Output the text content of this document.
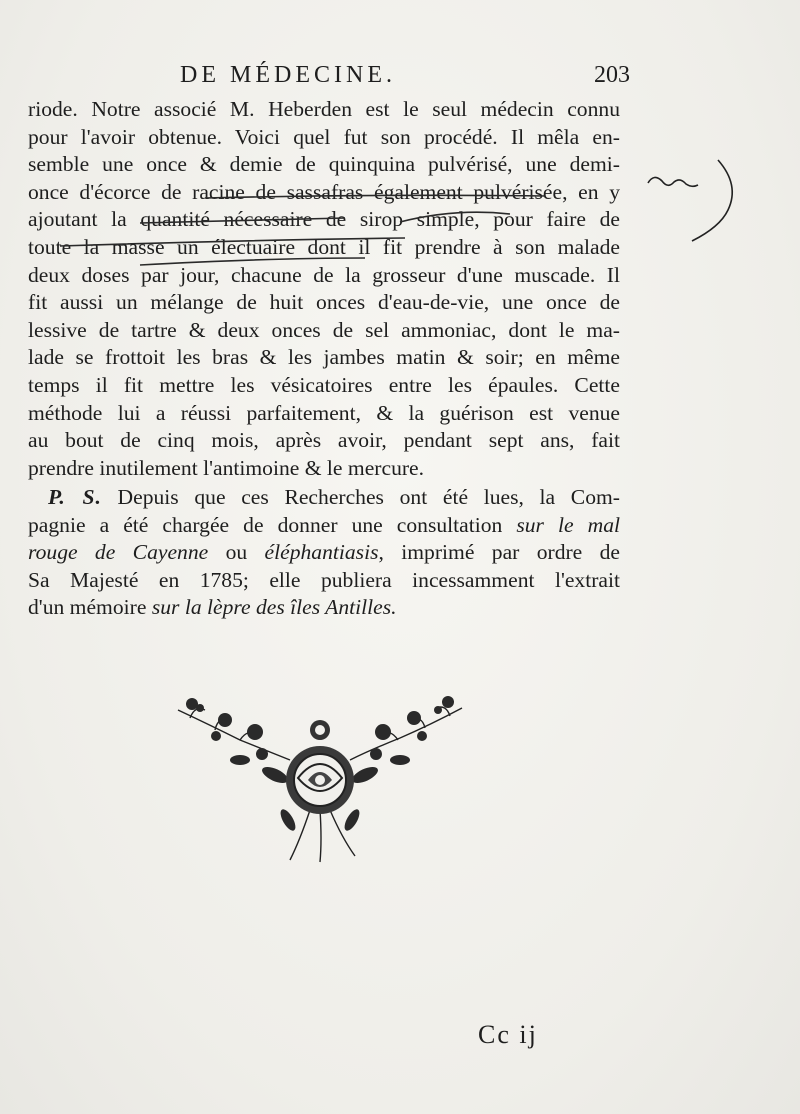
DE MÉDECINE.	203
riode. Notre associé M. Heberden est le seul médecin connu
pour l'avoir obtenue. Voici quel fut son procédé. Il mêla en-
semble une once & demie de quinquina pulvérisé, une demi-
once d'écorce de racine de sassafras également pulvérisée, en y
ajoutant la quantité nécessaire de sirop simple, pour faire de
toute la masse un électuaire dont il fit prendre à son malade
deux doses par jour, chacune de la grosseur d'une muscade. Il
fit aussi un mélange de huit onces d'eau-de-vie, une once de
lessive de tartre & deux onces de sel ammoniac, dont le ma-
lade se frottoit les bras & les jambes matin & soir; en même
temps il fit mettre les vésicatoires entre les épaules. Cette
méthode lui a réussi parfaitement, & la guérison est venue
au bout de cinq mois, après avoir, pendant sept ans, fait
prendre inutilement l'antimoine & le mercure.
P. S. Depuis que ces Recherches ont été lues, la Com-
pagnie a été chargée de donner une consultation sur le mal
rouge de Cayenne ou éléphantiasis, imprimé par ordre de
Sa Majesté en 1785; elle publiera incessamment l'extrait
d'un mémoire sur la lèpre des îles Antilles.
Cc ij
